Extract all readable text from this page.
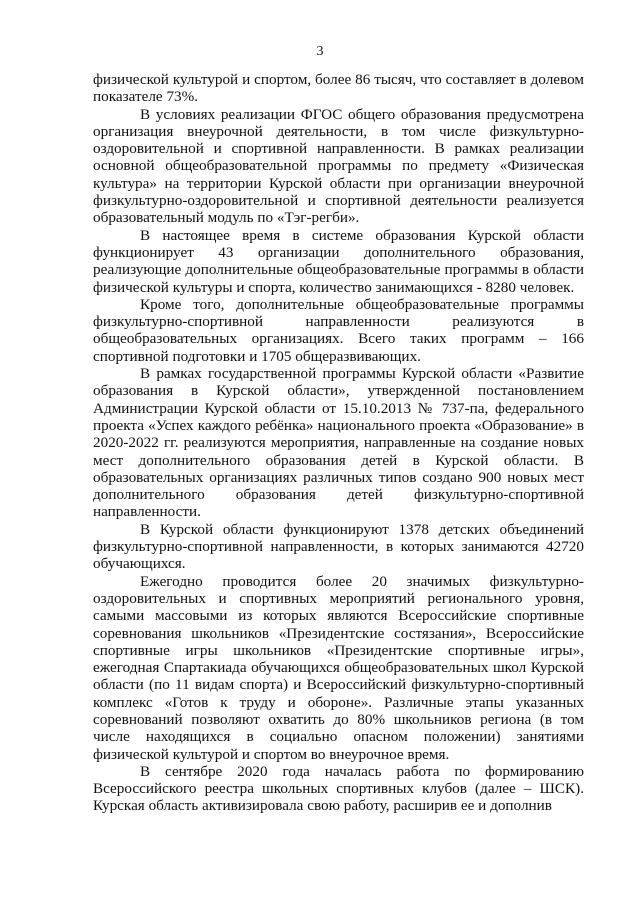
3

физической культурой и спортом, более 86 тысяч, что составляет в долевом показателе 73%.

В условиях реализации ФГОС общего образования предусмотрена организация внеурочной деятельности, в том числе физкультурно-оздоровительной и спортивной направленности. В рамках реализации основной общеобразовательной программы по предмету «Физическая культура» на территории Курской области при организации внеурочной физкультурно-оздоровительной и спортивной деятельности реализуется образовательный модуль по «Тэг-регби».

В настоящее время в системе образования Курской области функционирует 43 организации дополнительного образования, реализующие дополнительные общеобразовательные программы в области физической культуры и спорта, количество занимающихся - 8280 человек.

Кроме того, дополнительные общеобразовательные программы физкультурно-спортивной направленности реализуются в общеобразовательных организациях. Всего таких программ – 166 спортивной подготовки и 1705 общеразвивающих.

В рамках государственной программы Курской области «Развитие образования в Курской области», утвержденной постановлением Администрации Курской области от 15.10.2013 № 737-па, федерального проекта «Успех каждого ребёнка» национального проекта «Образование» в 2020-2022 гг. реализуются мероприятия, направленные на создание новых мест дополнительного образования детей в Курской области. В образовательных организациях различных типов создано 900 новых мест дополнительного образования детей физкультурно-спортивной направленности.

В Курской области функционируют 1378 детских объединений физкультурно-спортивной направленности, в которых занимаются 42720 обучающихся.

Ежегодно проводится более 20 значимых физкультурно-оздоровительных и спортивных мероприятий регионального уровня, самыми массовыми из которых являются Всероссийские спортивные соревнования школьников «Президентские состязания», Всероссийские спортивные игры школьников «Президентские спортивные игры», ежегодная Спартакиада обучающихся общеобразовательных школ Курской области (по 11 видам спорта) и Всероссийский физкультурно-спортивный комплекс «Готов к труду и обороне». Различные этапы указанных соревнований позволяют охватить до 80% школьников региона (в том числе находящихся в социально опасном положении) занятиями физической культурой и спортом во внеурочное время.

В сентябре 2020 года началась работа по формированию Всероссийского реестра школьных спортивных клубов (далее – ШСК). Курская область активизировала свою работу, расширив ее и дополнив
